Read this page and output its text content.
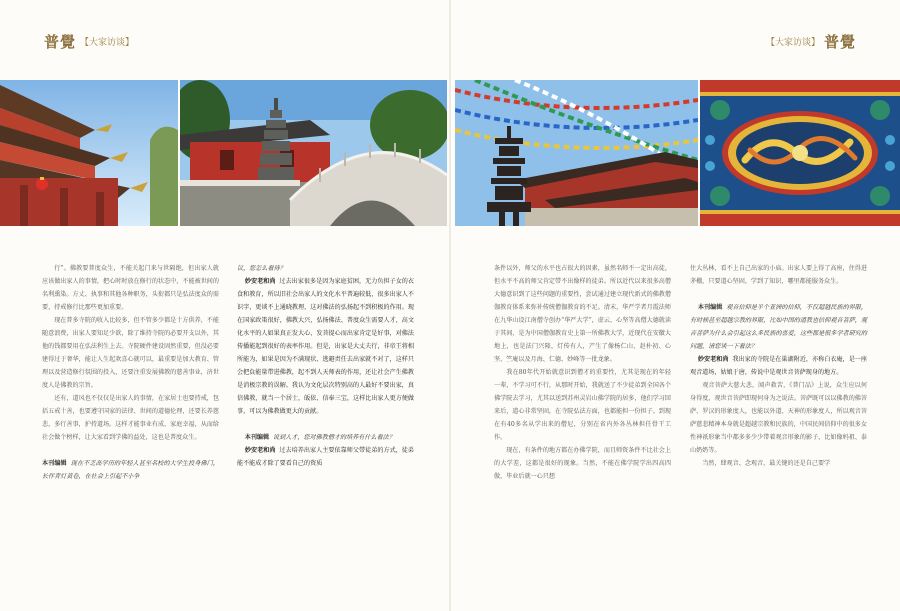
普覺 【大家访谈】	【大家访谈】 普覺

行”。佛教要普度众生，不能关起门来与世隔绝，但出家人就应该做出家人的事情，把心时时放在修行的状态中，不能被世间的名利熏染。方丈、执事和其他各种职务，头衔都只是弘法度众的需要，持戒修行比那些更加重要。

现在普多寺院的收入比较多，但不管多少都是十方供养，不能随意浪费，出家人要知足少欲，除了维持寺院的必要开支以外，其他的钱都要用在弘法利生上去。寺院硬件建设固然重要，但没必要建得过于奢华，能让人生起欢喜心就可以，最重要是加大教育、管理以及营造修行氛围的投入，还要注重发展佛教的慈善事业，济世度人是佛教的宗旨。

还有，道风也不仅仅是出家人的事情，在家居士也要持戒，包括五戒十善，也要遵守国家的法律、世间的道德伦理，还要长养慈悲，多行善事，护持道场。这样才能事业有成、家庭幸福，从而给社会做个榜样，让大家看到学佛的益处，这也是普度众生。

本刊编辑 现在不乏高学历的年轻人甚至名校的大学生投身佛门，长伴青灯黄卷，在社会上引起不小争

议，您怎么看待？

妙安老和尚 过去出家很多是因为家庭贫困，无力负担子女的衣食和教育，所以旧社会出家人的文化水平普遍较低，很多出家人不识字，更谈不上通晓教理，这对佛法的弘扬起不到积极的作用。现在国家政策很好，佛教大兴，弘扬佛法、普度众生需要人才，高文化水平的人如果真正发大心、发菩提心而出家肯定是好事，对佛法传播能起到很好的表率作用。但是，出家是大丈夫行，非帝王将相所能为，如果是因为不满现状、逃避责任去出家就不对了，这样只会把負能量带进佛教，起不到人天师表的作用，还让社会产生佛教是消极宗教的误解。我认为文化层次特别高的人最好不要出家，真信佛教，就当一个居士，皈依、信奉三宝，这样比出家人更方便做事，可以为佛教做更大的贡献。

本刊编辑 说到人才，您对佛教僧才的培养有什么看法？

妙安老和尚 过去培养出家人主要依靠师父带徒弟的方式，徒弟能不能成才除了要看自己的资质

条件以外，师父的水平也占很大的因素，虽然名师不一定出高徒，但水平不高的师父肯定带不出像样的徒弟。所以近代以来很多高僧大德意识到了这些问题的重要性，尝试通过建立现代新式的佛教僧伽教育体系来弥补传统僧伽教育的不足。清末，华严学者月霞法师在九华山设江南僧寺创办“华严大学”，虚云、心坚等高僧大德就读于其间，是为中国僧伽教育史上第一所佛教大学，近现代在安徽大地上，也是法门兴隆，灯传有人，产生了像杨仁山、赵朴初、心坚、竺庵以及月海、仁德、妙峰等一批龙象。

我在80年代开始就意识到僧才的重要性，尤其是现在的年轻一辈，不学习可不行，从那时开始，我就送了不少徒弟到全国各个佛学院去学习，尤其以送到苏州灵岩山佛学院的居多，他们学习回来后，道心非常坚固，在寺院弘法方面，也都能担一份担子。到现在有40多名从学出来的僧尼，分别在省内外各丛林担任骨干工作。

现在，有条件的地方都在办佛学院，而且师资条件不比社会上的大学差，这都是很好的现象。当然，不能在佛学院学出四高四傲，毕业后就一心只想

住大丛林，看不上自己出家的小庙。出家人要上得了高座，住得进茅棚，只要道心坚固，学到了知识，哪里都能服务众生。

本刊编辑 观音信仰是半个亚洲的信仰，不仅超越民族的界限，有时候甚至超越宗教的界限，比如中国的道教也信仰观音菩萨，观音菩萨为什么会引起这么多民族的喜爱，这些都是很多学者研究的问题，请您谈一下看法？

妙安老和尚 我出家的寺院是在巢湖附近，亦称白衣庵，是一座观音道场，姑娘于唐，传说中是观世音菩萨现身的地方。

观音菩萨大慈大悲，闻声救苦，《普门品》上说，众生应以何身得度，观世音菩萨即现何身为之说法。菩萨既可以以佛教的佛菩萨、罗汉的形象度人，也能以外道、天神的形象度人，所以观音菩萨慈悲精神本身就是超越宗教和民族的，中国民间信仰中的很多女性神祇形象当中都多多少少带着观音形象的影子，比如像妈祖、泰山奶奶等。

当然，肆观音、念观音，最关键的还是自己要学
